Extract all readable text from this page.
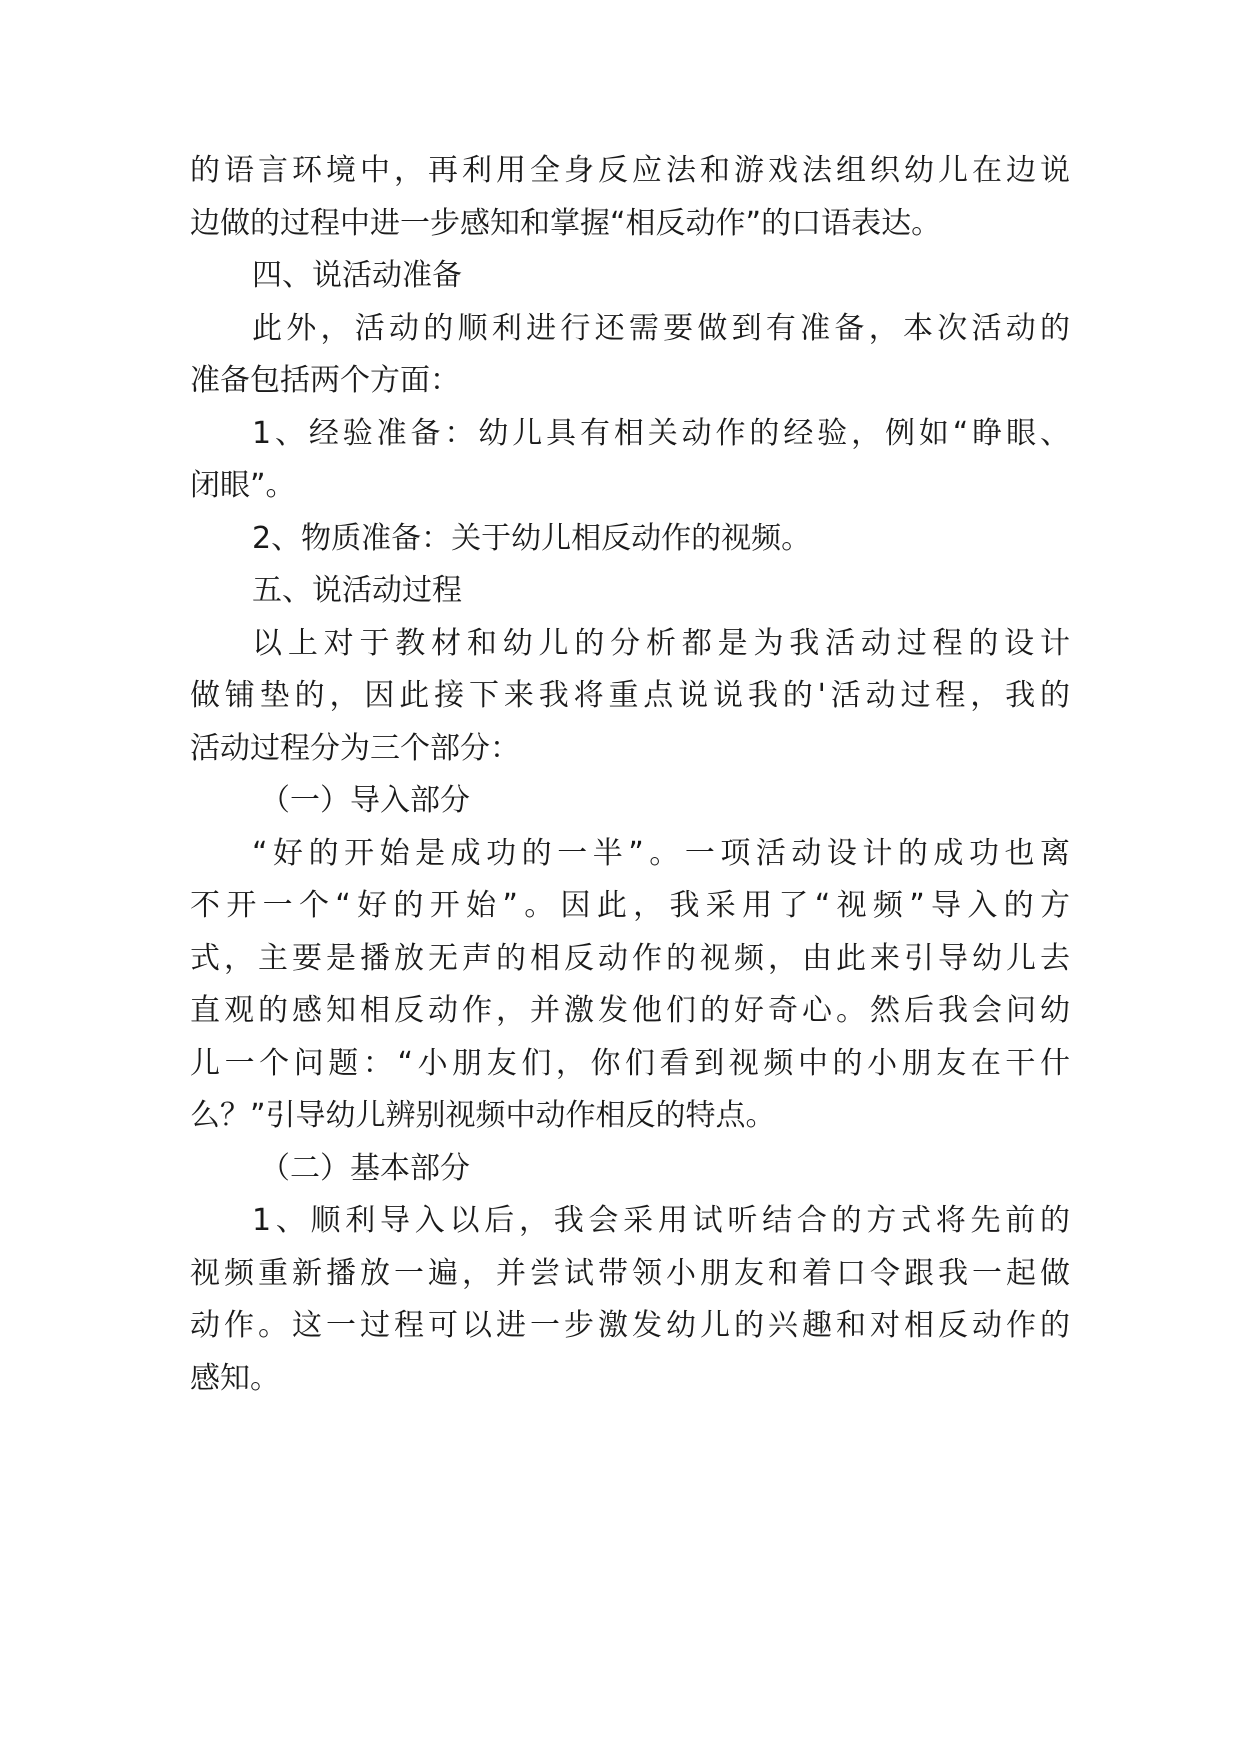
的语言环境中，再利用全身反应法和游戏法组织幼儿在边说
边做的过程中进一步感知和掌握“相反动作”的口语表达。
四、说活动准备
此外，活动的顺利进行还需要做到有准备，本次活动的
准备包括两个方面：
1、经验准备：幼儿具有相关动作的经验，例如“睁眼、
闭眼”。
2、物质准备：关于幼儿相反动作的视频。
五、说活动过程
以上对于教材和幼儿的分析都是为我活动过程的设计
做铺垫的，因此接下来我将重点说说我的'活动过程，我的
活动过程分为三个部分：
（一）导入部分
“好的开始是成功的一半”。一项活动设计的成功也离
不开一个“好的开始”。因此，我采用了“视频”导入的方
式，主要是播放无声的相反动作的视频，由此来引导幼儿去
直观的感知相反动作，并激发他们的好奇心。然后我会问幼
儿一个问题：“小朋友们，你们看到视频中的小朋友在干什
么？”引导幼儿辨别视频中动作相反的特点。
（二）基本部分
1、顺利导入以后，我会采用试听结合的方式将先前的
视频重新播放一遍，并尝试带领小朋友和着口令跟我一起做
动作。这一过程可以进一步激发幼儿的兴趣和对相反动作的
感知。
